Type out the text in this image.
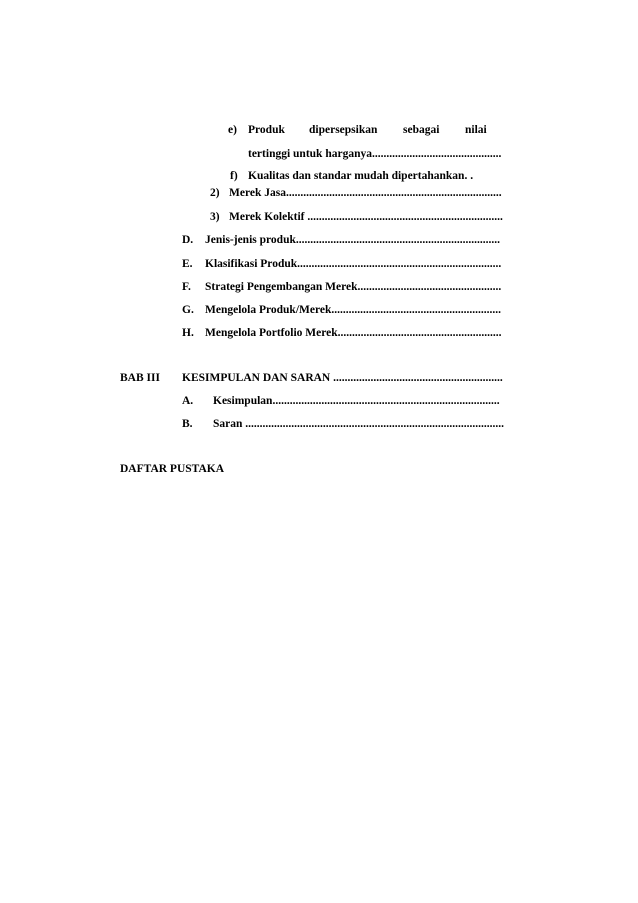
e) Produk dipersepsikan sebagai nilai
tertinggi untuk harganya.............................................
f) Kualitas dan standar mudah dipertahankan. .
2) Merek Jasa...........................................................................
3) Merek Kolektif ....................................................................
D. Jenis-jenis produk.......................................................................
E. Klasifikasi Produk.......................................................................
F. Strategi Pengembangan Merek..................................................
G. Mengelola Produk/Merek...........................................................
H. Mengelola Portfolio Merek.........................................................
BAB III KESIMPULAN DAN SARAN ...........................................................
A. Kesimpulan...............................................................................
B. Saran ..........................................................................................
DAFTAR PUSTAKA
